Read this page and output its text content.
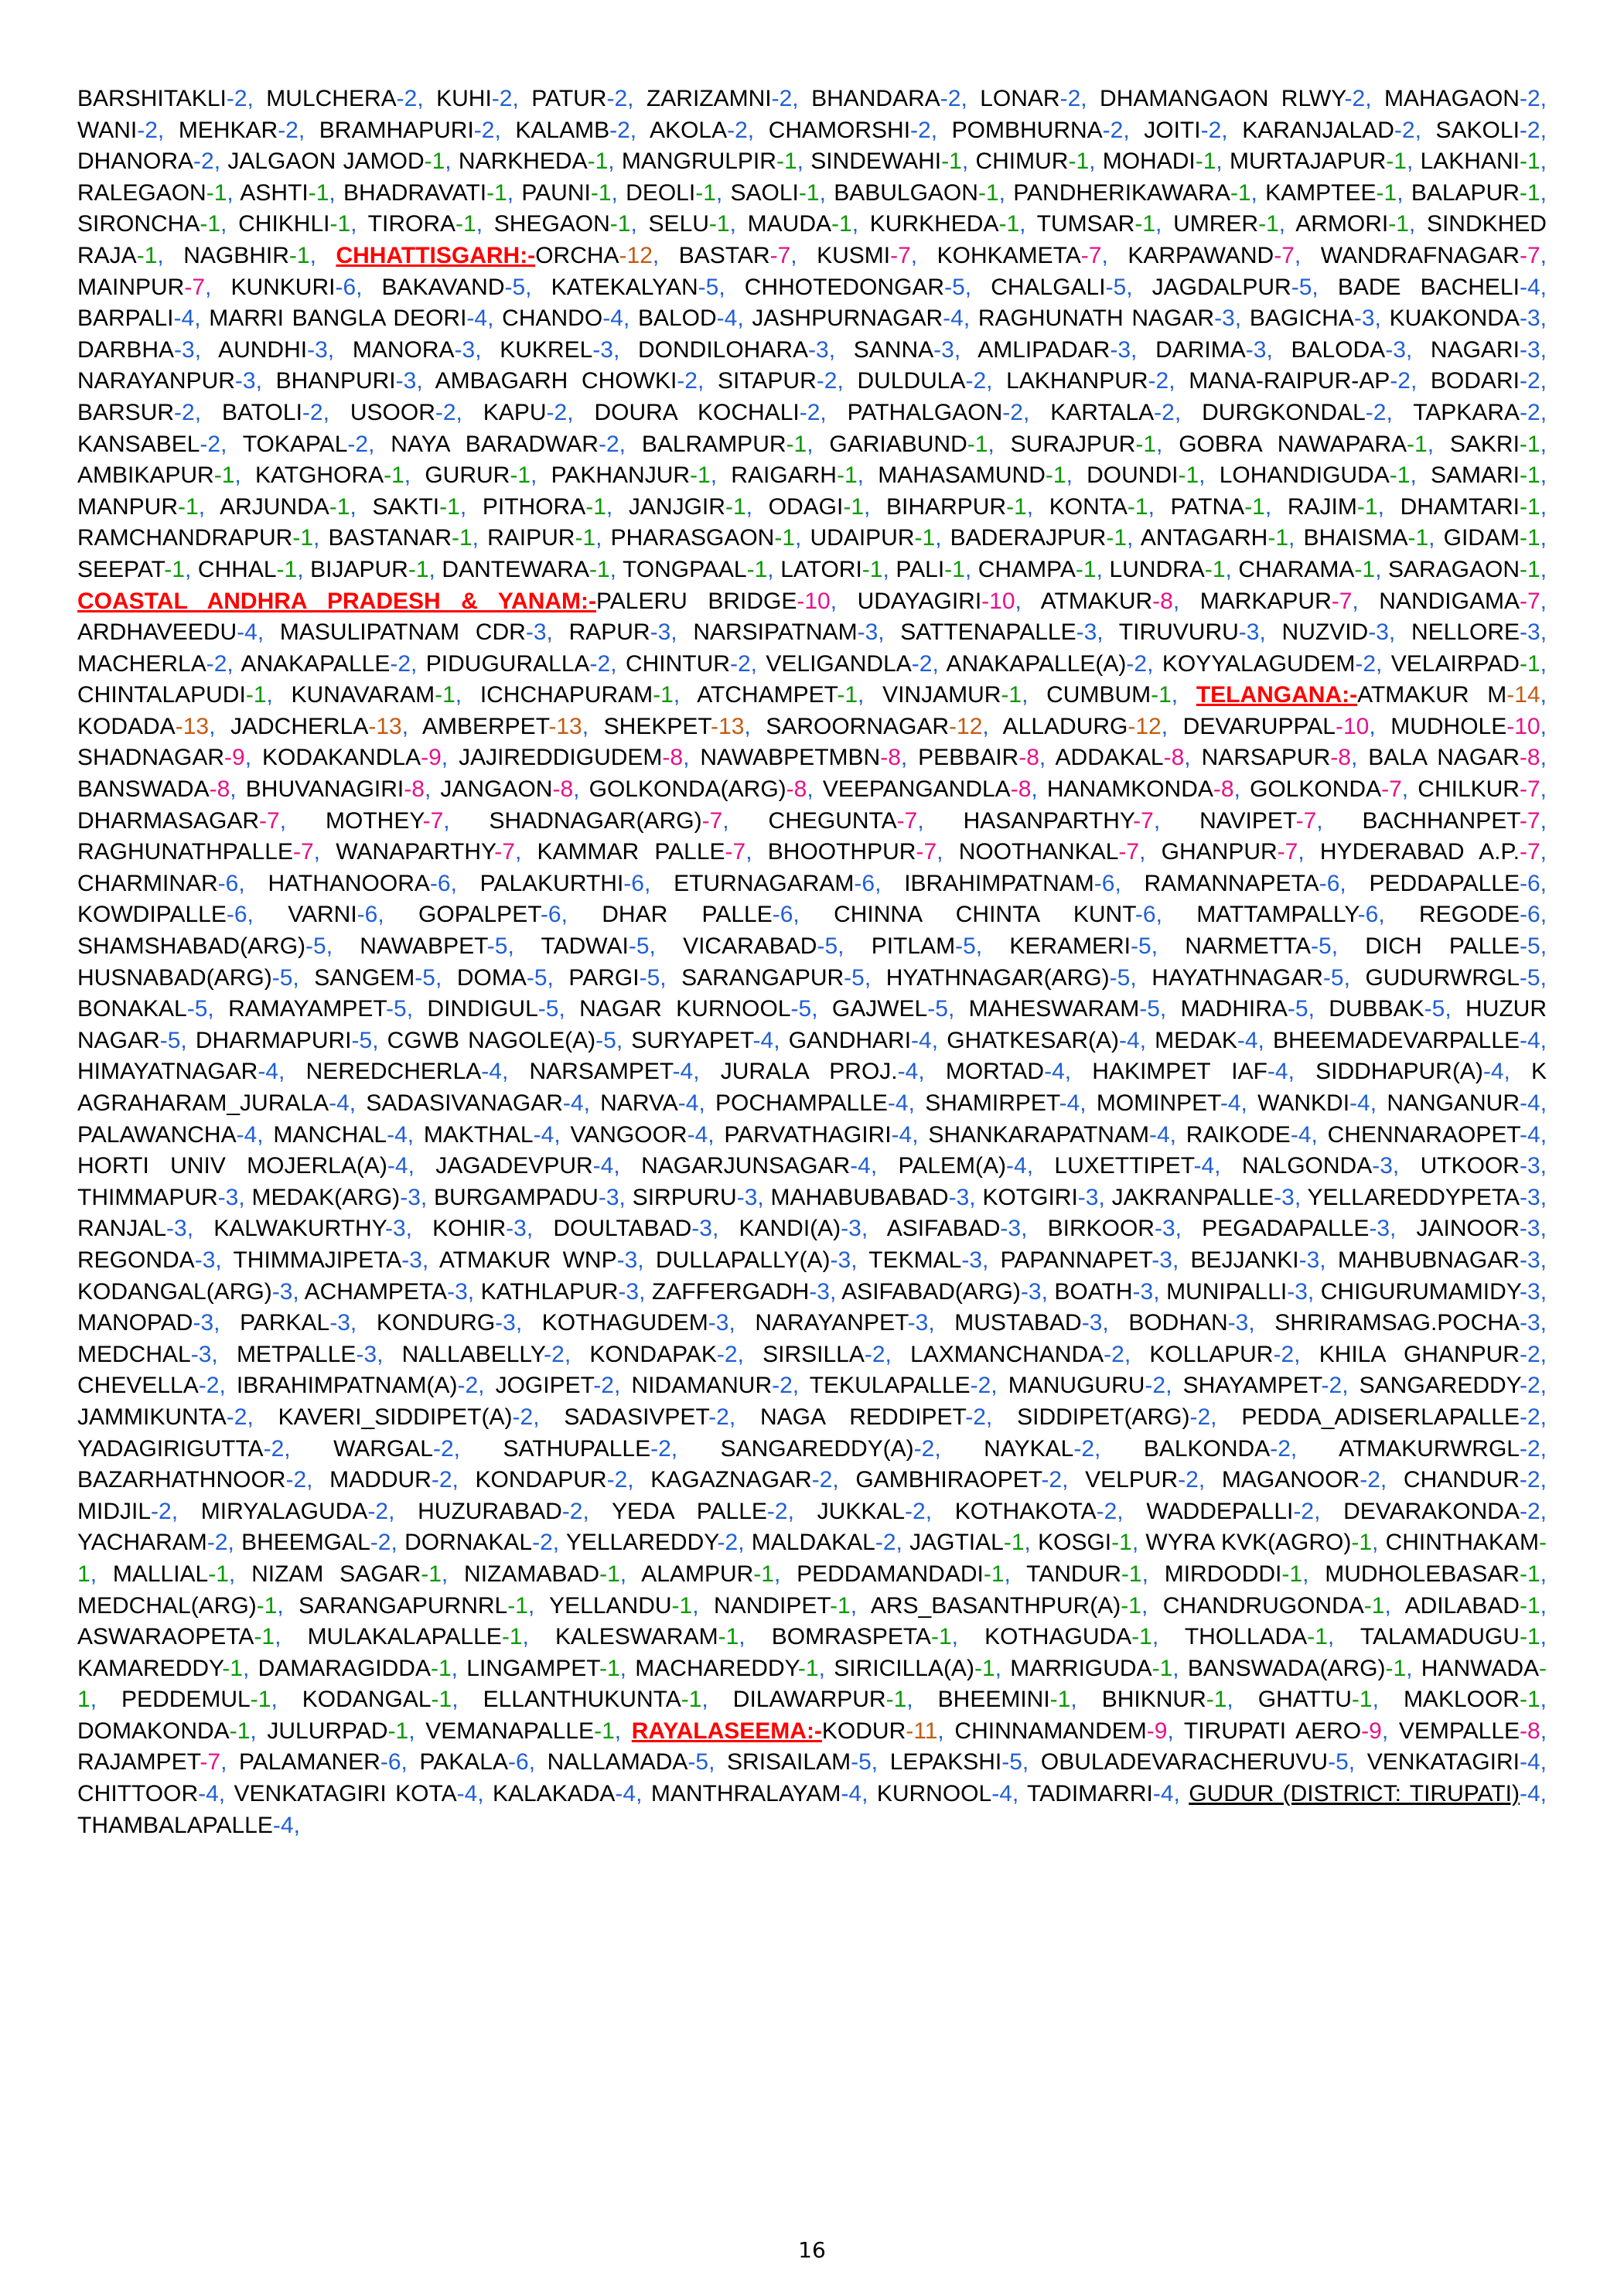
BARSHITAKLI-2, MULCHERA-2, KUHI-2, PATUR-2, ZARIZAMNI-2, BHANDARA-2, LONAR-2, DHAMANGAON RLWY-2, MAHAGAON-2, WANI-2, MEHKAR-2, BRAMHAPURI-2, KALAMB-2, AKOLA-2, CHAMORSHI-2, POMBHURNA-2, JOITI-2, KARANJALAD-2, SAKOLI-2, DHANORA-2, JALGAON JAMOD-1, NARKHEDA-1, MANGRULPIR-1, SINDEWAHI-1, CHIMUR-1, MOHADI-1, MURTAJAPUR-1, LAKHANI-1, RALEGAON-1, ASHTI-1, BHADRAVATI-1, PAUNI-1, DEOLI-1, SAOLI-1, BABULGAON-1, PANDHERIKAWARA-1, KAMPTEE-1, BALAPUR-1, SIRONCHA-1, CHIKHLI-1, TIRORA-1, SHEGAON-1, SELU-1, MAUDA-1, KURKHEDA-1, TUMSAR-1, UMRER-1, ARMORI-1, SINDKHED RAJA-1, NAGBHIR-1, CHHATTISGARH:-ORCHA-12, BASTAR-7, KUSMI-7, KOHKAMETA-7, KARPAWAND-7, WANDRAFNAGAR-7, MAINPUR-7, KUNKURI-6, BAKAVAND-5, KATEKALYAN-5, CHHOTEDONGAR-5, CHALGALI-5, JAGDALPUR-5, BADE BACHELI-4, BARPALI-4, MARRI BANGLA DEORI-4, CHANDO-4, BALOD-4, JASHPURNAGAR-4, RAGHUNATH NAGAR-3, BAGICHA-3, KUAKONDA-3, DARBHA-3, AUNDHI-3, MANORA-3, KUKREL-3, DONDILOHARA-3, SANNA-3, AMLIPADAR-3, DARIMA-3, BALODA-3, NAGARI-3, NARAYANPUR-3, BHANPURI-3, AMBAGARH CHOWKI-2, SITAPUR-2, DULDULA-2, LAKHANPUR-2, MANA-RAIPUR-AP-2, BODARI-2, BARSUR-2, BATOLI-2, USOOR-2, KAPU-2, DOURA KOCHALI-2, PATHALGAON-2, KARTALA-2, DURGKONDAL-2, TAPKARA-2, KANSABEL-2, TOKAPAL-2, NAYA BARADWAR-2, BALRAMPUR-1, GARIABUND-1, SURAJPUR-1, GOBRA NAWAPARA-1, SAKRI-1, AMBIKAPUR-1, KATGHORA-1, GURUR-1, PAKHANJUR-1, RAIGARH-1, MAHASAMUND-1, DOUNDI-1, LOHANDIGUDA-1, SAMARI-1, MANPUR-1, ARJUNDA-1, SAKTI-1, PITHORA-1, JANJGIR-1, ODAGI-1, BIHARPUR-1, KONTA-1, PATNA-1, RAJIM-1, DHAMTARI-1, RAMCHANDRAPUR-1, BASTANAR-1, RAIPUR-1, PHARASGAON-1, UDAIPUR-1, BADERAJPUR-1, ANTAGARH-1, BHAISMA-1, GIDAM-1, SEEPAT-1, CHHAL-1, BIJAPUR-1, DANTEWARA-1, TONGPAAL-1, LATORI-1, PALI-1, CHAMPA-1, LUNDRA-1, CHARAMA-1, SARAGAON-1, COASTAL ANDHRA PRADESH & YANAM:-PALERU BRIDGE-10, UDAYAGIRI-10, ATMAKUR-8, MARKAPUR-7, NANDIGAMA-7, ARDHAVEEDU-4, MASULIPATNAM CDR-3, RAPUR-3, NARSIPATNAM-3, SATTENAPALLE-3, TIRUVURU-3, NUZVID-3, NELLORE-3, MACHERLA-2, ANAKAPALLE-2, PIDUGURALLA-2, CHINTUR-2, VELIGANDLA-2, ANAKAPALLE(A)-2, KOYYALAGUDEM-2, VELAIRPAD-1, CHINTALAPUDI-1, KUNAVARAM-1, ICHCHAPURAM-1, ATCHAMPET-1, VINJAMUR-1, CUMBUM-1, TELANGANA:-ATMAKUR M-14, KODADA-13, JADCHERLA-13, AMBERPET-13, SHEKPET-13, SAROORNAGAR-12, ALLADURG-12, DEVARUPPAL-10, MUDHOLE-10, SHADNAGAR-9, KODAKANDLA-9, JAJIREDDIGUDEM-8, NAWABPETMBN-8, PEBBAIR-8, ADDAKAL-8, NARSAPUR-8, BALA NAGAR-8, BANSWADA-8, BHUVANAGIRI-8, JANGAON-8, GOLKONDA(ARG)-8, VEEPANGANDLA-8, HANAMKONDA-8, GOLKONDA-7, CHILKUR-7, DHARMASAGAR-7, MOTHEY-7, SHADNAGAR(ARG)-7, CHEGUNTA-7, HASANPARTHY-7, NAVIPET-7, BACHHANPET-7, RAGHUNATHPALLE-7, WANAPARTHY-7, KAMMAR PALLE-7, BHOOTHPUR-7, NOOTHANKAL-7, GHANPUR-7, HYDERABAD A.P.-7, CHARMINAR-6, HATHANOORA-6, PALAKURTHI-6, ETURNAGARAM-6, IBRAHIMPATNAM-6, RAMANNAPETA-6, PEDDAPALLE-6, KOWDIPALLE-6, VARNI-6, GOPALPET-6, DHAR PALLE-6, CHINNA CHINTA KUNT-6, MATTAMPALLY-6, REGODE-6, SHAMSHABAD(ARG)-5, NAWABPET-5, TADWAI-5, VICARABAD-5, PITLAM-5, KERAMERI-5, NARMETTA-5, DICH PALLE-5, HUSNABAD(ARG)-5, SANGEM-5, DOMA-5, PARGI-5, SARANGAPUR-5, HYATHNAGAR(ARG)-5, HAYATHNAGAR-5, GUDURWRGL-5, BONAKAL-5, RAMAYAMPET-5, DINDIGUL-5, NAGAR KURNOOL-5, GAJWEL-5, MAHESWARAM-5, MADHIRA-5, DUBBAK-5, HUZUR NAGAR-5, DHARMAPURI-5, CGWB NAGOLE(A)-5, SURYAPET-4, GANDHARI-4, GHATKESAR(A)-4, MEDAK-4, BHEEMADEVARPALLE-4, HIMAYATNAGAR-4, NEREDCHERLA-4, NARSAMPET-4, JURALA PROJ.-4, MORTAD-4, HAKIMPET IAF-4, SIDDHAPUR(A)-4, K AGRAHARAM_JURALA-4, SADASIVANAGAR-4, NARVA-4, POCHAMPALLE-4, SHAMIRPET-4, MOMINPET-4, WANKDI-4, NANGANUR-4, PALAWANCHA-4, MANCHAL-4, MAKTHAL-4, VANGOOR-4, PARVATHAGIRI-4, SHANKARAPATNAM-4, RAIKODE-4, CHENNARAOPET-4, HORTI UNIV MOJERLA(A)-4, JAGADEVPUR-4, NAGARJUNSAGAR-4, PALEM(A)-4, LUXETTIPET-4, NALGONDA-3, UTKOOR-3, THIMMAPUR-3, MEDAK(ARG)-3, BURGAMPADU-3, SIRPURU-3, MAHABUBABAD-3, KOTGIRI-3, JAKRANPALLE-3, YELLAREDDYPETA-3, RANJAL-3, KALWAKURTHY-3, KOHIR-3, DOULTABAD-3, KANDI(A)-3, ASIFABAD-3, BIRKOOR-3, PEGADAPALLE-3, JAINOOR-3, REGONDA-3, THIMMAJIPETA-3, ATMAKUR WNP-3, DULLAPALLY(A)-3, TEKMAL-3, PAPANNAPET-3, BEJJANKI-3, MAHBUBNAGAR-3, KODANGAL(ARG)-3, ACHAMPETA-3, KATHLAPUR-3, ZAFFERGADH-3, ASIFABAD(ARG)-3, BOATH-3, MUNIPALLI-3, CHIGURUMAMIDY-3, MANOPAD-3, PARKAL-3, KONDURG-3, KOTHAGUDEM-3, NARAYANPET-3, MUSTABAD-3, BODHAN-3, SHRIRAMSAG.POCHA-3, MEDCHAL-3, METPALLE-3, NALLABELLY-2, KONDAPAK-2, SIRSILLA-2, LAXMANCHANDA-2, KOLLAPUR-2, KHILA GHANPUR-2, CHEVELLA-2, IBRAHIMPATNAM(A)-2, JOGIPET-2, NIDAMANUR-2, TEKULAPALLE-2, MANUGURU-2, SHAYAMPET-2, SANGAREDDY-2, JAMMIKUNTA-2, KAVERI_SIDDIPET(A)-2, SADASIVPET-2, NAGA REDDIPET-2, SIDDIPET(ARG)-2, PEDDA_ADISERLAPALLE-2, YADAGIRIGUTTA-2, WARGAL-2, SATHUPALLE-2, SANGAREDDY(A)-2, NAYKAL-2, BALKONDA-2, ATMAKURWRGL-2, BAZARHATHNOOR-2, MADDUR-2, KONDAPUR-2, KAGAZNAGAR-2, GAMBHIRAOPET-2, VELPUR-2, MAGANOOR-2, CHANDUR-2, MIDJIL-2, MIRYALAGUDA-2, HUZURABAD-2, YEDA PALLE-2, JUKKAL-2, KOTHAKOTA-2, WADDEPALLI-2, DEVARAKONDA-2, YACHARAM-2, BHEEMGAL-2, DORNAKAL-2, YELLAREDDY-2, MALDAKAL-2, JAGTIAL-1, KOSGI-1, WYRA KVK(AGRO)-1, CHINTHAKAM-1, MALLIAL-1, NIZAM SAGAR-1, NIZAMABAD-1, ALAMPUR-1, PEDDAMANDADI-1, TANDUR-1, MIRDODDI-1, MUDHOLEBASAR-1, MEDCHAL(ARG)-1, SARANGAPURNRL-1, YELLANDU-1, NANDIPET-1, ARS_BASANTHPUR(A)-1, CHANDRUGONDA-1, ADILABAD-1, ASWARAOPETA-1, MULAKALAPALLE-1, KALESWARAM-1, BOMRASPETA-1, KOTHAGUDA-1, THOLLADA-1, TALAMADUGU-1, KAMAREDDY-1, DAMARAGIDDA-1, LINGAMPET-1, MACHAREDDY-1, SIRICILLA(A)-1, MARRIGUDA-1, BANSWADA(ARG)-1, HANWADA-1, PEDDEMUL-1, KODANGAL-1, ELLANTHUKUNTA-1, DILAWARPUR-1, BHEEMINI-1, BHIKNUR-1, GHATTU-1, MAKLOOR-1, DOMAKONDA-1, JULURPAD-1, VEMANAPALLE-1, RAYALASEEMA:-KODUR-11, CHINNAMANDEM-9, TIRUPATI AERO-9, VEMPALLE-8, RAJAMPET-7, PALAMANER-6, PAKALA-6, NALLAMADA-5, SRISAILAM-5, LEPAKSHI-5, OBULADEVARACHERUVU-5, VENKATAGIRI-4, CHITTOOR-4, VENKATAGIRI KOTA-4, KALAKADA-4, MANTHRALAYAM-4, KURNOOL-4, TADIMARRI-4, GUDUR (DISTRICT: TIRUPATI)-4, THAMBALAPALLE-4,
16
